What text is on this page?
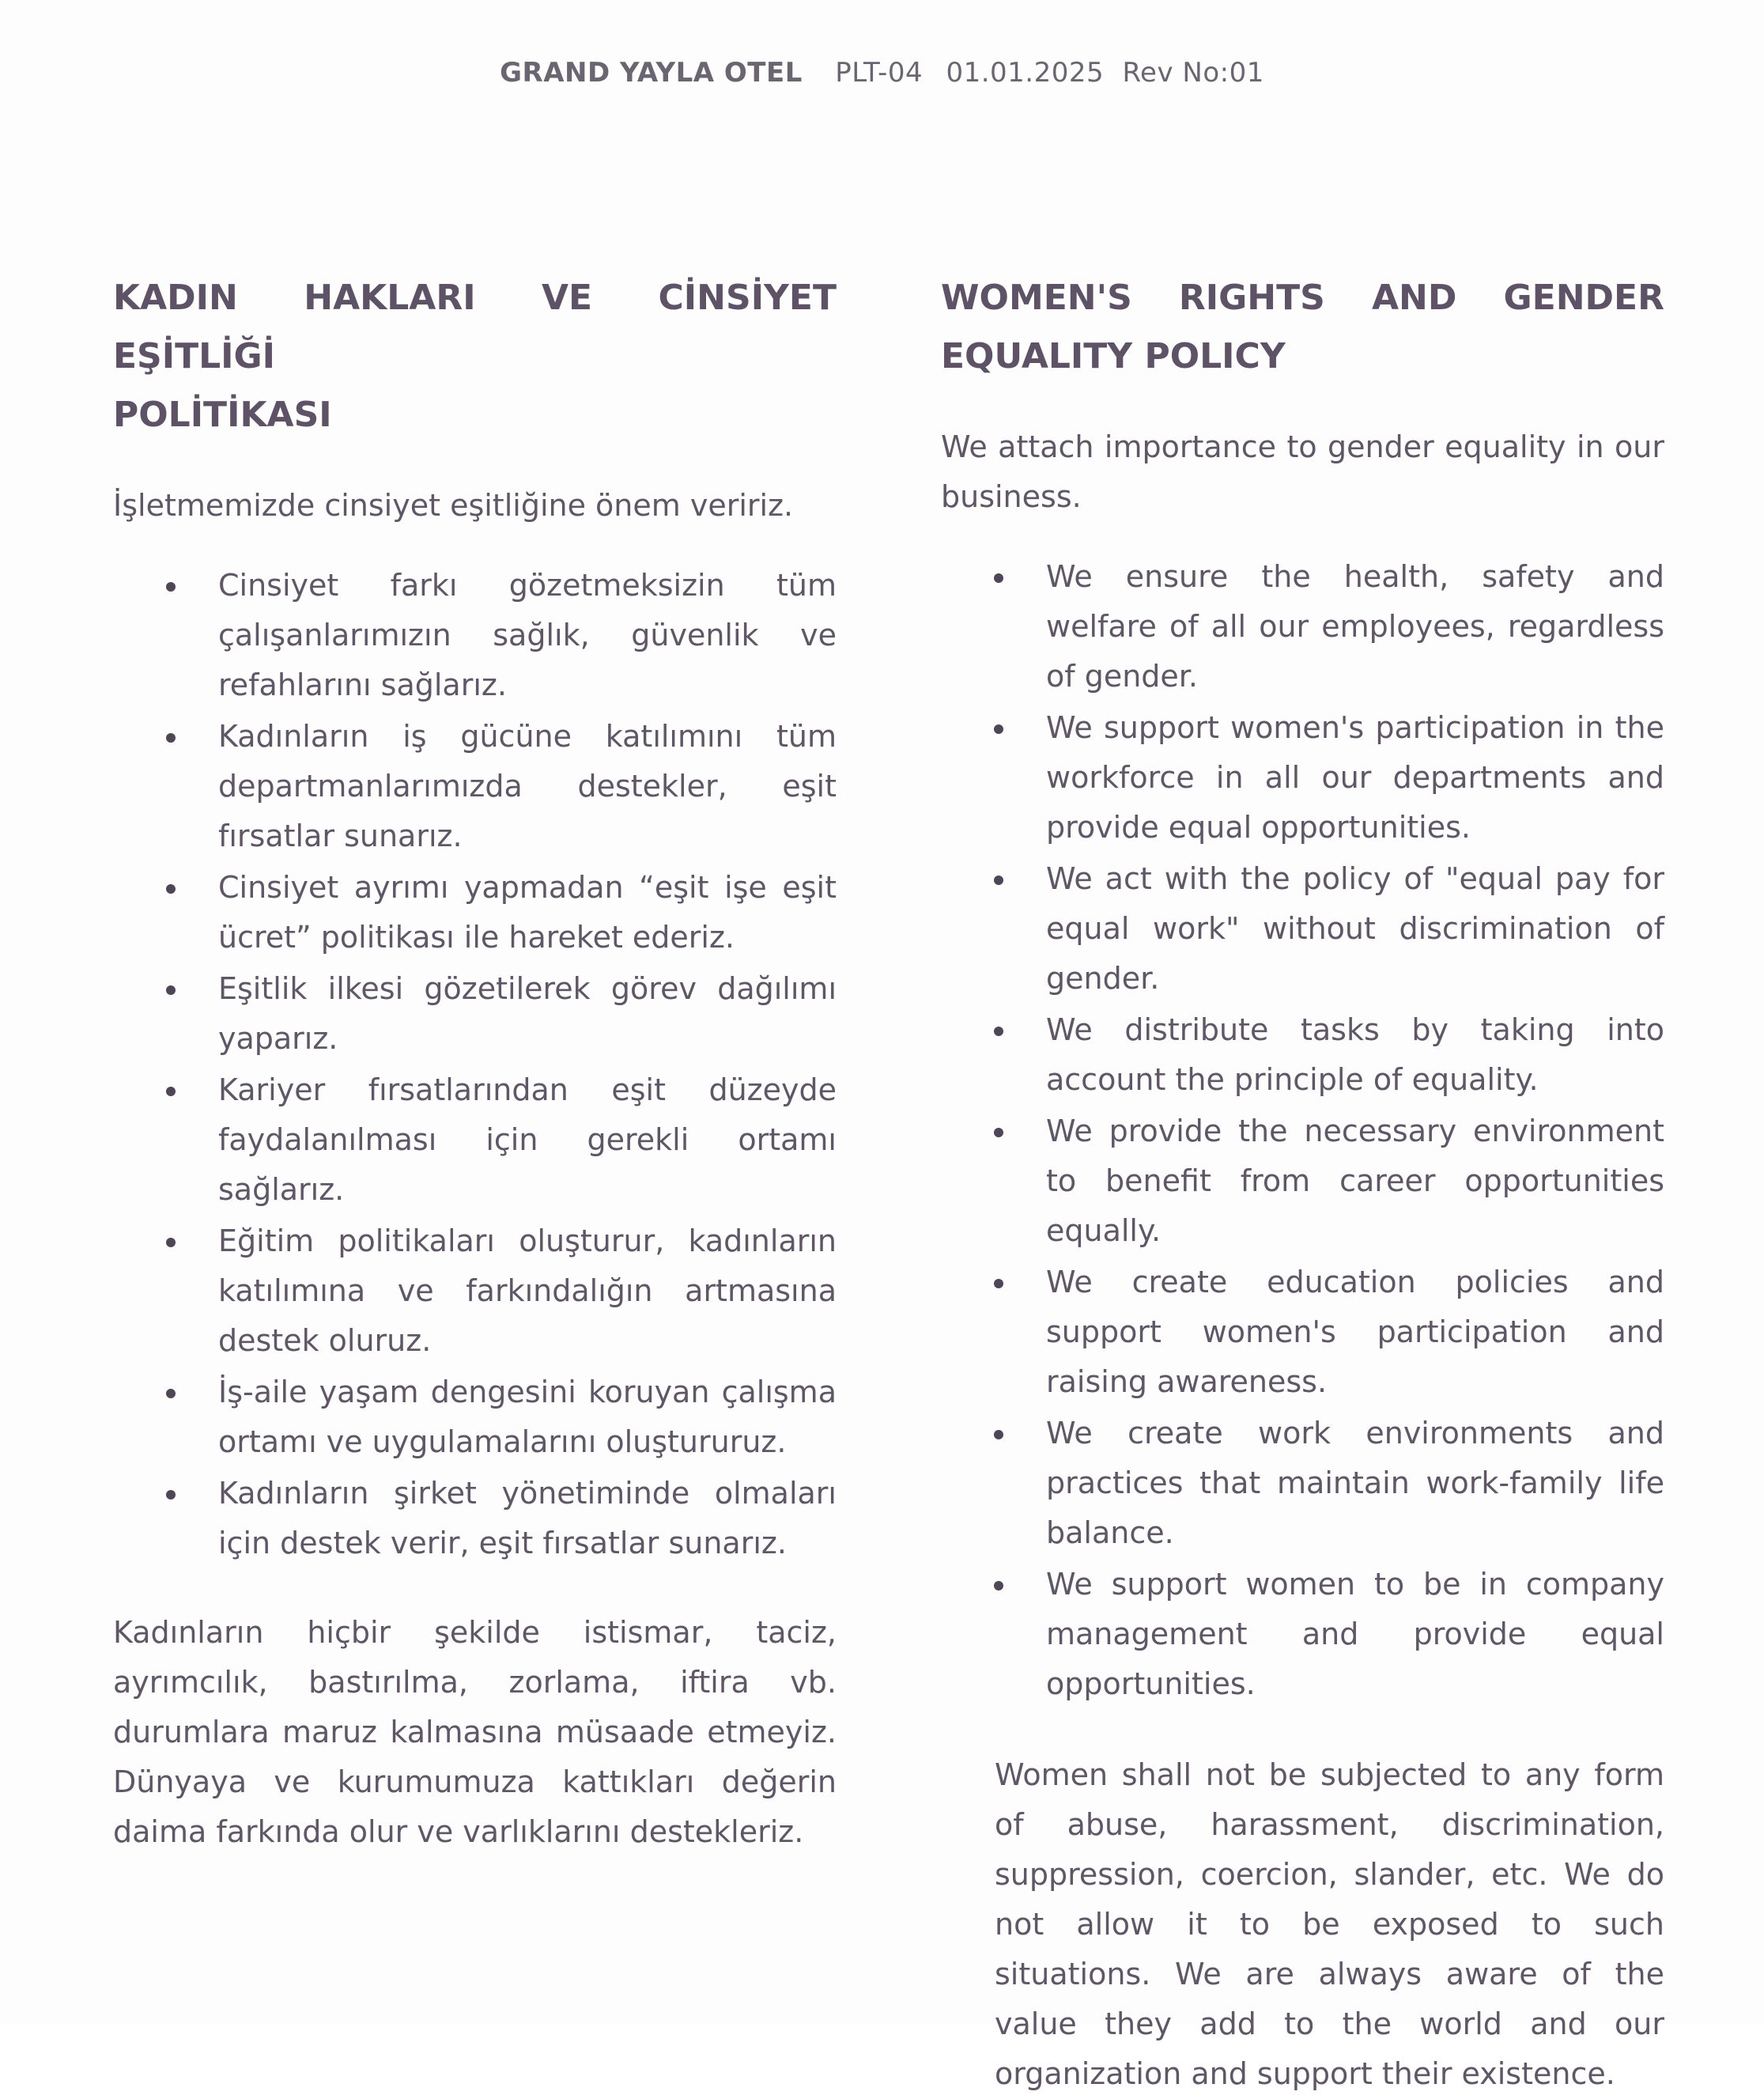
GRAND YAYLA OTEL PLT-04 01.01.2025 Rev No:01
KADIN HAKLARI VE CİNSİYET EŞİTLİĞİ
POLİTİKASI
İşletmemizde cinsiyet eşitliğine önem veririz.
Cinsiyet farkı gözetmeksizin tüm çalışanlarımızın sağlık, güvenlik ve refahlarını sağlarız.
Kadınların iş gücüne katılımını tüm departmanlarımızda destekler, eşit fırsatlar sunarız.
Cinsiyet ayrımı yapmadan “eşit işe eşit ücret” politikası ile hareket ederiz.
Eşitlik ilkesi gözetilerek görev dağılımı yaparız.
Kariyer fırsatlarından eşit düzeyde faydalanılması için gerekli ortamı sağlarız.
Eğitim politikaları oluşturur, kadınların katılımına ve farkındalığın artmasına destek oluruz.
İş-aile yaşam dengesini koruyan çalışma ortamı ve uygulamalarını oluştururuz.
Kadınların şirket yönetiminde olmaları için destek verir, eşit fırsatlar sunarız.
Kadınların hiçbir şekilde istismar, taciz, ayrımcılık, bastırılma, zorlama, iftira vb. durumlara maruz kalmasına müsaade etmeyiz. Dünyaya ve kurumumuza kattıkları değerin daima farkında olur ve varlıklarını destekleriz.
WOMEN'S RIGHTS AND GENDER
EQUALITY POLICY
We attach importance to gender equality in our business.
We ensure the health, safety and welfare of all our employees, regardless of gender.
We support women's participation in the workforce in all our departments and provide equal opportunities.
We act with the policy of "equal pay for equal work" without discrimination of gender.
We distribute tasks by taking into account the principle of equality.
We provide the necessary environment to benefit from career opportunities equally.
We create education policies and support women's participation and raising awareness.
We create work environments and practices that maintain work-family life balance.
We support women to be in company management and provide equal opportunities.
Women shall not be subjected to any form of abuse, harassment, discrimination, suppression, coercion, slander, etc. We do not allow it to be exposed to such situations. We are always aware of the value they add to the world and our organization and support their existence.
